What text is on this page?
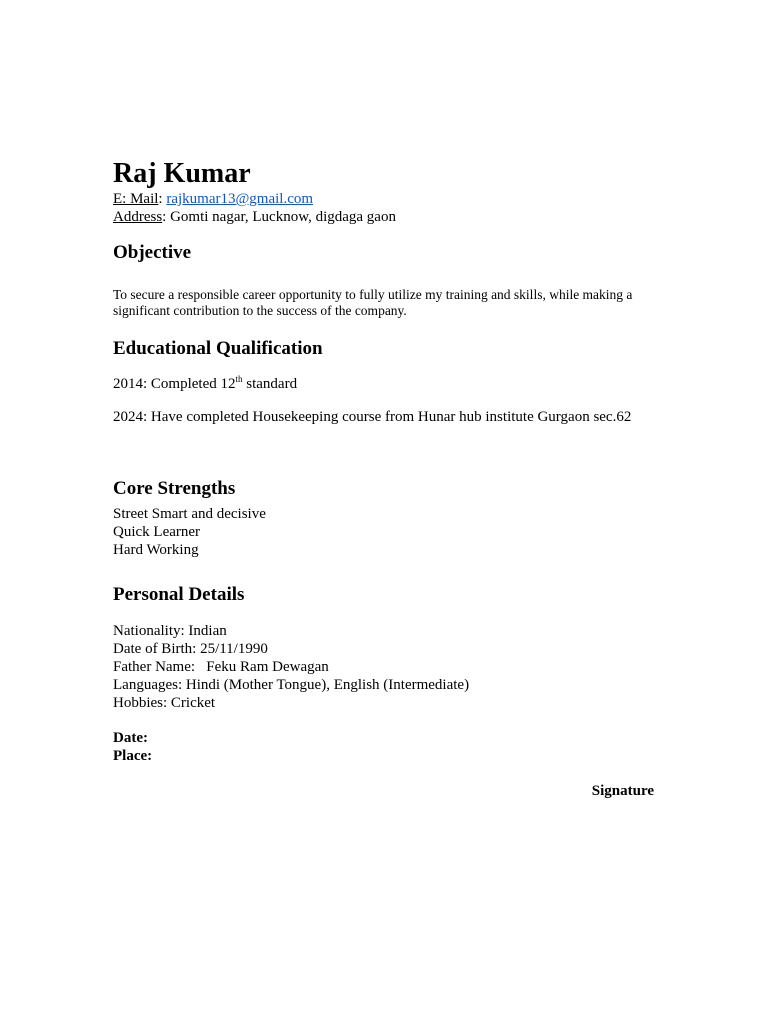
Raj Kumar

E: Mail: rajkumar13@gmail.com

Address: Gomti nagar, Lucknow, digdaga gaon

Objective

To secure a responsible career opportunity to fully utilize my training and skills, while making a significant contribution to the success of the company.

Educational Qualification

2014: Completed 12th standard

2024: Have completed Housekeeping course from Hunar hub institute Gurgaon sec.62

Core Strengths

Street Smart and decisive

Quick Learner

Hard Working

Personal Details

Nationality: Indian

Date of Birth: 25/11/1990

Father Name:   Feku Ram Dewagan

Languages: Hindi (Mother Tongue), English (Intermediate)

Hobbies: Cricket

Date:

Place:

Signature
